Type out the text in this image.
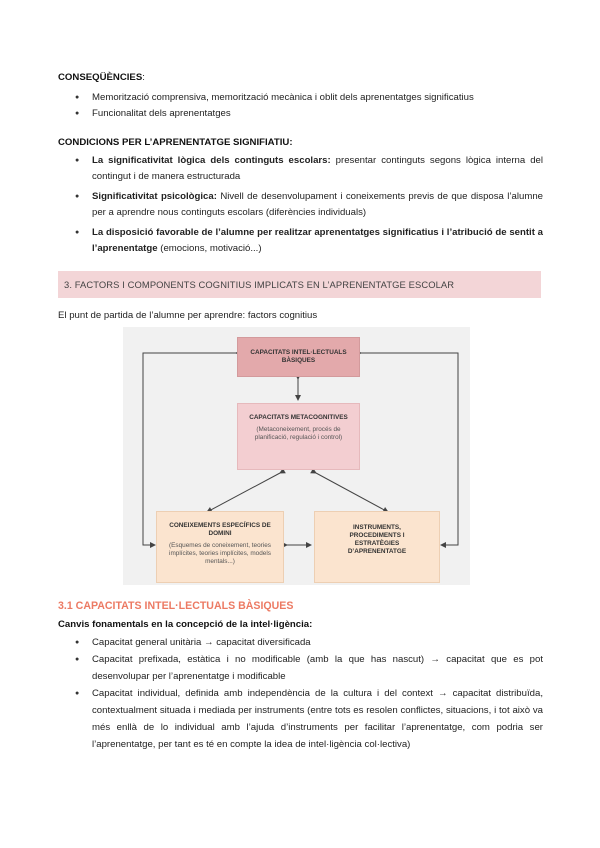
CONSEQÜÈNCIES:
● Memorització comprensiva, memorització mecànica i oblit dels aprenentatges significatius
● Funcionalitat dels aprenentatges
CONDICIONS PER L’APRENENTATGE SIGNIFIATIU:
● La significativitat lògica dels continguts escolars: presentar continguts segons lògica interna del contingut i de manera estructurada
● Significativitat psicològica: Nivell de desenvolupament i coneixements previs de que disposa l’alumne per a aprendre nous continguts escolars (diferències individuals)
● La disposició favorable de l’alumne per realitzar aprenentatges significatius i l’atribució de sentit a l’aprenentatge (emocions, motivació...)
3. FACTORS I COMPONENTS COGNITIUS IMPLICATS EN L’APRENENTATGE ESCOLAR
El punt de partida de l’alumne per aprendre: factors cognitius
CAPACITATS INTEL·LECTUALS BÀSIQUES
CAPACITATS METACOGNITIVES
(Metaconeixement, procés de planificació, regulació i control)
CONEIXEMENTS ESPECÍFICS DE DOMINI
(Esquemes de coneixement, teories implícites, teories implícites, models mentals...)
INSTRUMENTS, PROCEDIMENTS I ESTRATÈGIES D’APRENENTATGE
3.1 CAPACITATS INTEL·LECTUALS BÀSIQUES
Canvis fonamentals en la concepció de la intel·ligència:
● Capacitat general unitària → capacitat diversificada
● Capacitat prefixada, estàtica i no modificable (amb la que has nascut) → capacitat que es pot desenvolupar per l’aprenentatge i modificable
● Capacitat individual, definida amb independència de la cultura i del context → capacitat distribuïda, contextualment situada i mediada per instruments (entre tots es resolen conflictes, situacions, i tot això va més enllà de lo individual amb l’ajuda d’instruments per facilitar l’aprenentatge, com podria ser l’aprenentatge, per tant es té en compte la idea de intel·ligència col·lectiva)
